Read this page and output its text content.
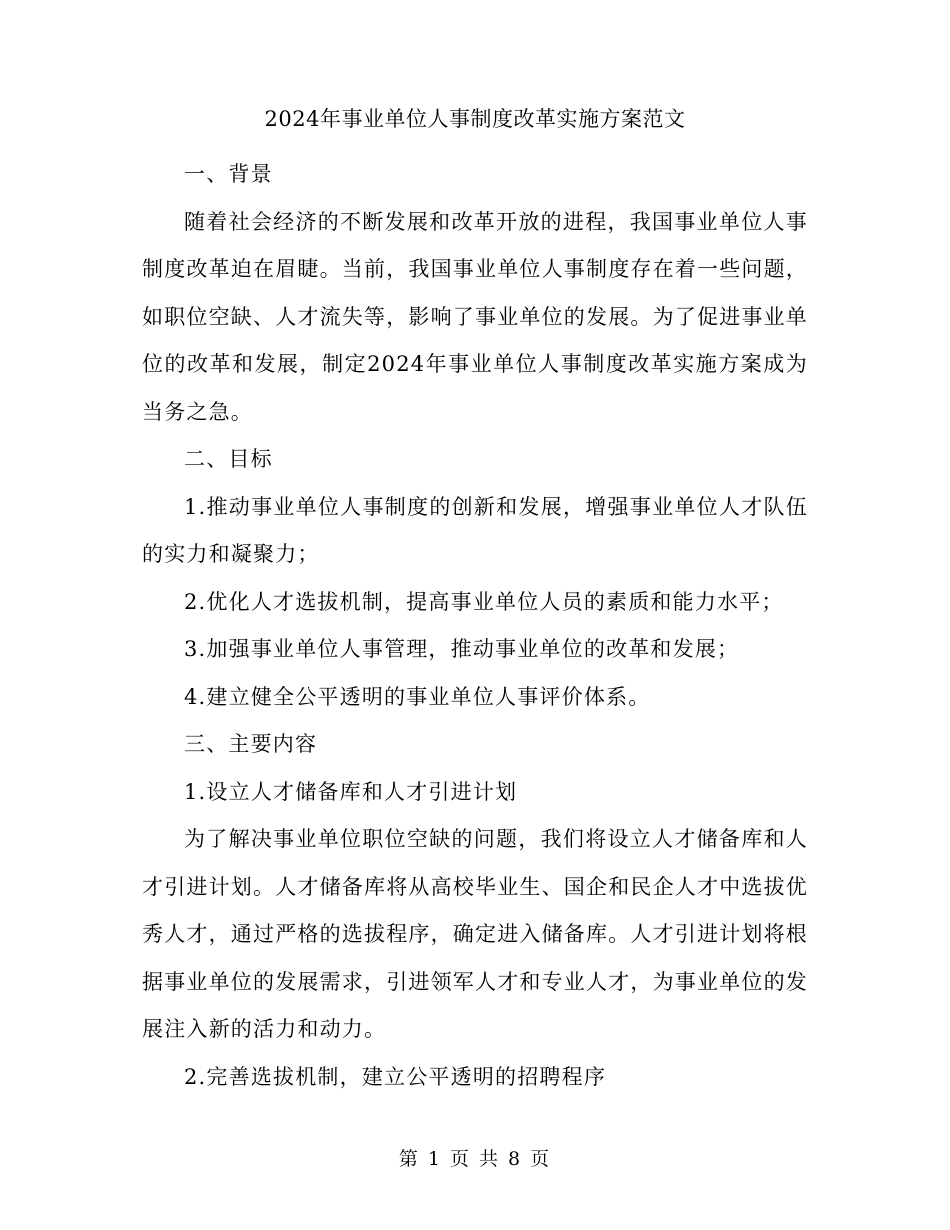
2024年事业单位人事制度改革实施方案范文

一、背景

随着社会经济的不断发展和改革开放的进程，我国事业单位人事制度改革迫在眉睫。当前，我国事业单位人事制度存在着一些问题，如职位空缺、人才流失等，影响了事业单位的发展。为了促进事业单位的改革和发展，制定2024年事业单位人事制度改革实施方案成为当务之急。

二、目标

1.推动事业单位人事制度的创新和发展，增强事业单位人才队伍的实力和凝聚力；

2.优化人才选拔机制，提高事业单位人员的素质和能力水平；

3.加强事业单位人事管理，推动事业单位的改革和发展；

4.建立健全公平透明的事业单位人事评价体系。

三、主要内容

1.设立人才储备库和人才引进计划

为了解决事业单位职位空缺的问题，我们将设立人才储备库和人才引进计划。人才储备库将从高校毕业生、国企和民企人才中选拔优秀人才，通过严格的选拔程序，确定进入储备库。人才引进计划将根据事业单位的发展需求，引进领军人才和专业人才，为事业单位的发展注入新的活力和动力。

2.完善选拔机制，建立公平透明的招聘程序

第 1 页 共 8 页
